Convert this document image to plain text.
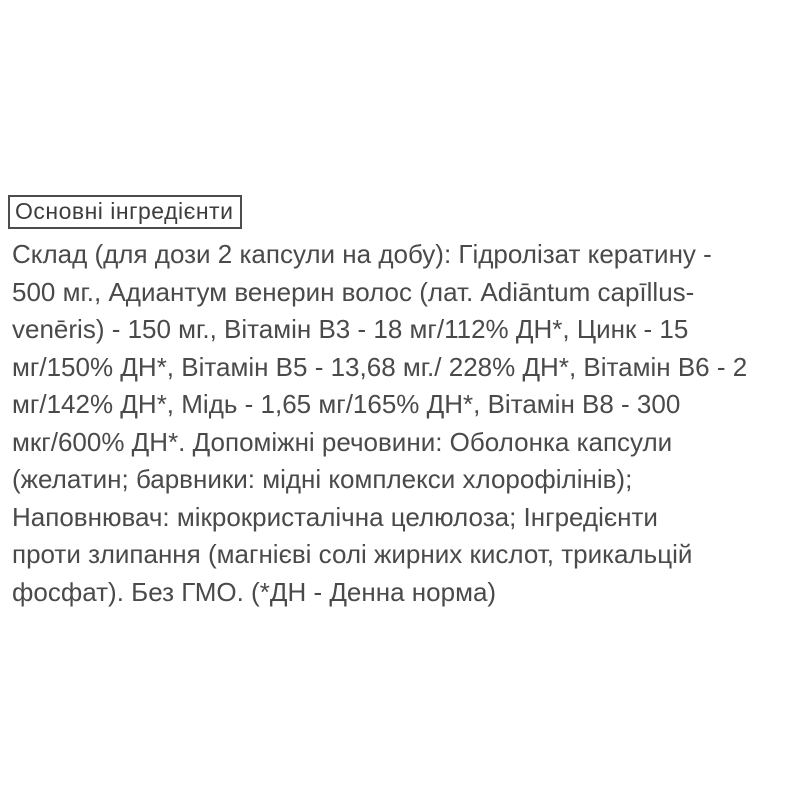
Основні інгредієнти
Склад (для дози 2 капсули на добу): Гідролізат кератину -
500 мг., Адиантум венерин волос (лат. Adiāntum capīllus-
venēris) - 150 мг., Вітамін В3 - 18 мг/112% ДН*, Цинк - 15
мг/150% ДН*, Вітамін В5 - 13,68 мг./ 228% ДН*, Вітамін В6 - 2
мг/142% ДН*, Мідь - 1,65 мг/165% ДН*, Вітамін В8 - 300
мкг/600% ДН*. Допоміжні речовини: Оболонка капсули
(желатин; барвники: мідні комплекси хлорофілінів);
Наповнювач: мікрокристалічна целюлоза; Інгредієнти
проти злипання (магнієві солі жирних кислот, трикальцій
фосфат). Без ГМО. (*ДН - Денна норма)
